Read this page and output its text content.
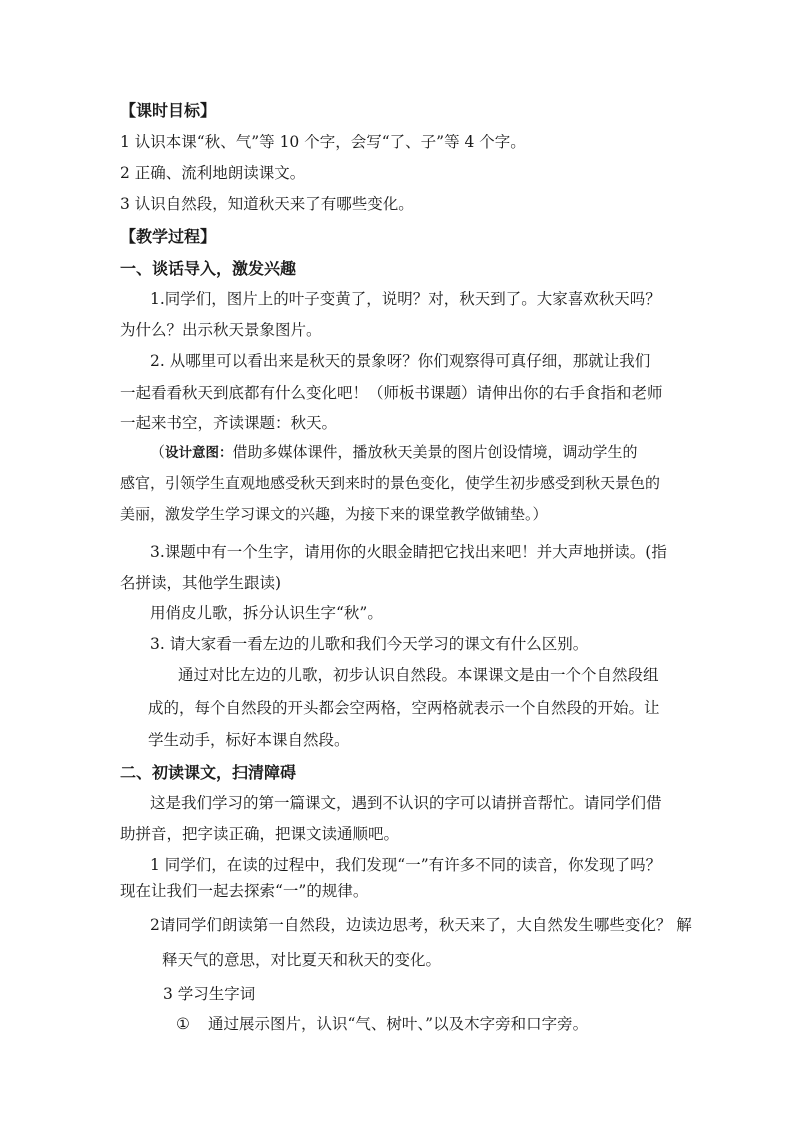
【课时目标】
1 认识本课“秋、气”等 10 个字，会写“了、子”等 4 个字。
2 正确、流利地朗读课文。
3 认识自然段，知道秋天来了有哪些变化。
【教学过程】
一、谈话导入，激发兴趣
1.同学们，图片上的叶子变黄了，说明？对，秋天到了。大家喜欢秋天吗？
为什么？出示秋天景象图片。
2. 从哪里可以看出来是秋天的景象呀？你们观察得可真仔细，那就让我们
一起看看秋天到底都有什么变化吧！（师板书课题）请伸出你的右手食指和老师
一起来书空，齐读课题：秋天。
（设计意图：借助多媒体课件，播放秋天美景的图片创设情境，调动学生的
感官，引领学生直观地感受秋天到来时的景色变化，使学生初步感受到秋天景色的
美丽，激发学生学习课文的兴趣，为接下来的课堂教学做铺垫。）
3.课题中有一个生字，请用你的火眼金睛把它找出来吧！并大声地拼读。(指
名拼读，其他学生跟读)
用俏皮儿歌，拆分认识生字“秋”。
3. 请大家看一看左边的儿歌和我们今天学习的课文有什么区别。
通过对比左边的儿歌，初步认识自然段。本课课文是由一个个自然段组
成的，每个自然段的开头都会空两格，空两格就表示一个自然段的开始。让
学生动手，标好本课自然段。
二、初读课文，扫清障碍
这是我们学习的第一篇课文，遇到不认识的字可以请拼音帮忙。请同学们借
助拼音，把字读正确，把课文读通顺吧。
1 同学们，在读的过程中，我们发现“一”有许多不同的读音，你发现了吗？
现在让我们一起去探索“一”的规律。
2请同学们朗读第一自然段，边读边思考，秋天来了，大自然发生哪些变化？ 解
释天气的意思，对比夏天和秋天的变化。
3 学习生字词
① 通过展示图片，认识“气、树叶、”以及木字旁和口字旁。
